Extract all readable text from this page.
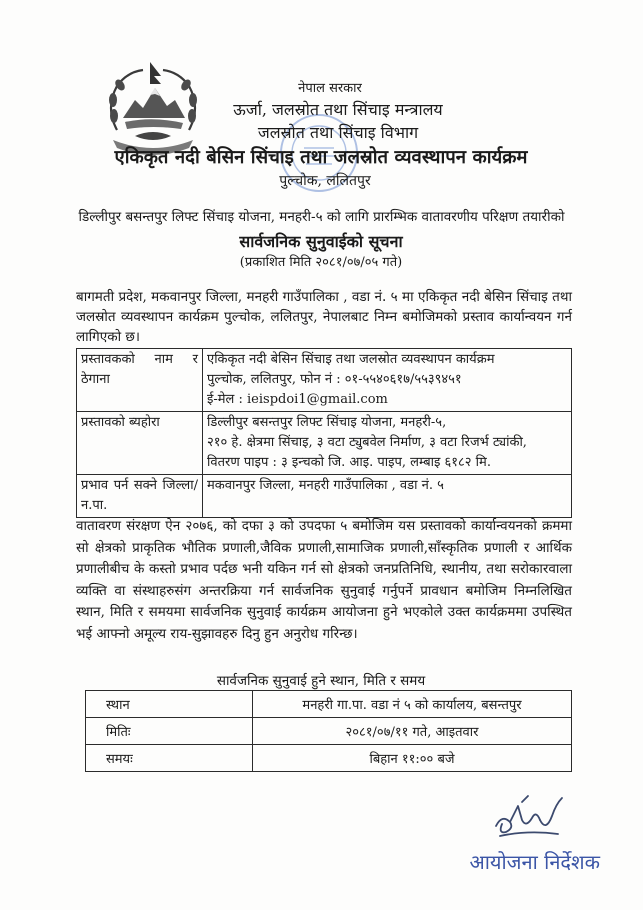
नेपाल सरकार
ऊर्जा, जलस्रोत तथा सिंचाइ मन्त्रालय
जलस्रोत तथा सिंचाइ विभाग
एकिकृत नदी बेसिन सिंचाइ तथा जलस्रोत व्यवस्थापन कार्यक्रम
पुल्चोक, ललितपुर
डिल्लीपुर बसन्तपुर लिफ्ट सिंचाइ योजना, मनहरी-५ को लागि प्रारम्भिक वातावरणीय परिक्षण तयारीको
सार्वजनिक सुनुवाईको सूचना
(प्रकाशित मिति २०८१/०७/०५ गते)
बागमती प्रदेश, मकवानपुर जिल्ला, मनहरी गाउँपालिका , वडा नं. ५ मा एकिकृत नदी बेसिन सिंचाइ तथा जलस्रोत व्यवस्थापन कार्यक्रम पुल्चोक, ललितपुर, नेपालबाट निम्न बमोजिमको प्रस्ताव कार्यान्वयन गर्न लागिएको छ।
प्रस्तावकको नाम र ठेगाना	एकिकृत नदी बेसिन सिंचाइ तथा जलस्रोत व्यवस्थापन कार्यक्रम
पुल्चोक, ललितपुर, फोन नं : ०१-५५४०६१७/५५३९४५१
ई-मेल : ieispdoi1@gmail.com

प्रस्तावको ब्यहोरा	डिल्लीपुर बसन्तपुर लिफ्ट सिंचाइ योजना, मनहरी-५,
२१० हे. क्षेत्रमा सिंचाइ, ३ वटा ट्युबवेल निर्माण, ३ वटा रिजर्भ ट्यांकी,
वितरण पाइप : ३ इन्चको जि. आइ. पाइप, लम्बाइ ६१८२ मि.

प्रभाव पर्न सक्ने जिल्ला/न.पा.	मकवानपुर जिल्ला, मनहरी गाउँपालिका , वडा नं. ५
वातावरण संरक्षण ऐन २०७६, को दफा ३ को उपदफा ५ बमोजिम यस प्रस्तावको कार्यान्वयनको क्रममा सो क्षेत्रको प्राकृतिक भौतिक प्रणाली,जैविक प्रणाली,सामाजिक प्रणाली,साँस्कृतिक प्रणाली र आर्थिक प्रणालीबीच के कस्तो प्रभाव पर्दछ भनी यकिन गर्न सो क्षेत्रको जनप्रतिनिधि, स्थानीय, तथा सरोकारवाला व्यक्ति वा संस्थाहरुसंग अन्तरक्रिया गर्न सार्वजनिक सुनुवाई गर्नुपर्ने प्रावधान बमोजिम निम्नलिखित स्थान, मिति र समयमा सार्वजनिक सुनुवाई कार्यक्रम आयोजना हुने भएकोले उक्त कार्यक्रममा उपस्थित भई आफ्नो अमूल्य राय-सुझावहरु दिनु हुन अनुरोध गरिन्छ।
सार्वजनिक सुनुवाई हुने स्थान, मिति र समय
स्थान	मनहरी गा.पा. वडा नं ५ को कार्यालय, बसन्तपुर
मितिः	२०८१/०७/११ गते, आइतवार
समयः	बिहान ११:०० बजे
आयोजना निर्देशक
